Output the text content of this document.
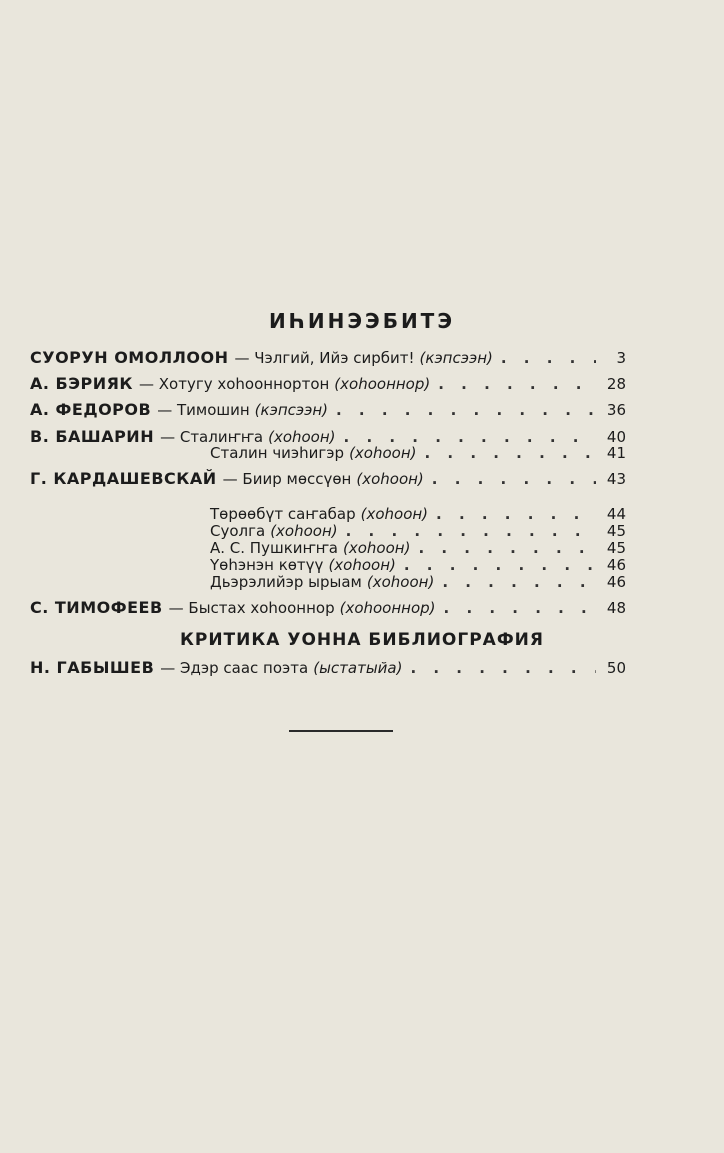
ИҺИНЭЭБИТЭ
СУОРУН ОМОЛЛООН — Чэлгий, Ийэ сирбит! (кэпсээн) . . .	3
А. БЭРИЯК — Хотугу хоһооннортон (хоһооннор) . . .	28
А. ФЕДОРОВ — Тимошин (кэпсээн) . . .	36
В. БАШАРИН — Сталиҥҥа (хоһоон) . . .	40
Сталин чиэһигэр (хоһоон) . . .	41
Г. КАРДАШЕВСКАЙ — Биир мөссүөн (хоһоон) . . .	43
Төрөөбүт саҥабар (хоһоон) . . .	44
Суолга (хоһоон) . . .	45
А. С. Пушкиҥҥа (хоһоон) . . .	45
Үөһэнэн көтүү (хоһоон) . . .	46
Дьэрэлийэр ырыам (хоһоон) . . .	46
С. ТИМОФЕЕВ — Быстах хоһооннор (хоһооннор) . . .	48
КРИТИКА УОННА БИБЛИОГРАФИЯ
Н. ГАБЫШЕВ — Эдэр саас поэта (ыстатыйа) . . .	50
